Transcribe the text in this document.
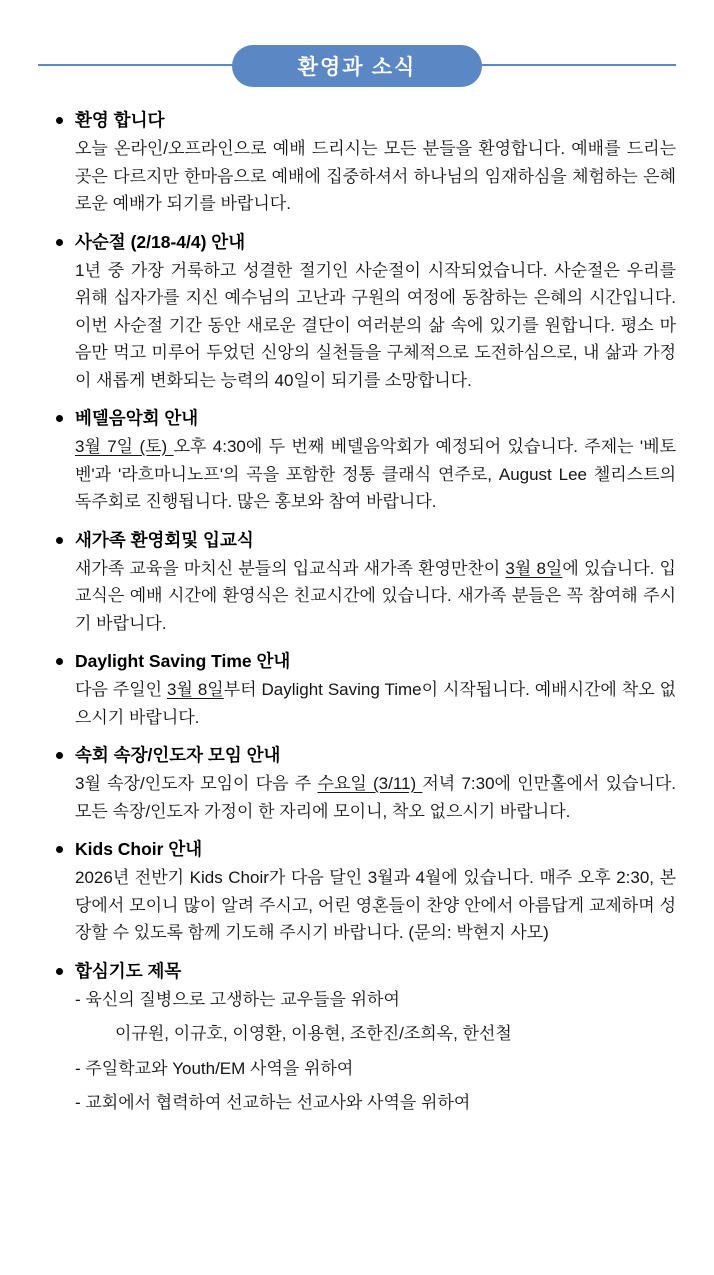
환영과 소식
환영 합니다
오늘 온라인/오프라인으로 예배 드리시는 모든 분들을 환영합니다. 예배를 드리는 곳은 다르지만 한마음으로 예배에 집중하셔서 하나님의 임재하심을 체험하는 은혜로운 예배가 되기를 바랍니다.
사순절 (2/18-4/4) 안내
1년 중 가장 거룩하고 성결한 절기인 사순절이 시작되었습니다. 사순절은 우리를 위해 십자가를 지신 예수님의 고난과 구원의 여정에 동참하는 은혜의 시간입니다. 이번 사순절 기간 동안 새로운 결단이 여러분의 삶 속에 있기를 원합니다. 평소 마음만 먹고 미루어 두었던 신앙의 실천들을 구체적으로 도전하심으로, 내 삶과 가정이 새롭게 변화되는 능력의 40일이 되기를 소망합니다.
베델음악회 안내
3월 7일 (토) 오후 4:30에 두 번째 베델음악회가 예정되어 있습니다. 주제는 '베토벤'과 '라흐마니노프'의 곡을 포함한 정통 클래식 연주로, August Lee 첼리스트의 독주회로 진행됩니다. 많은 홍보와 참여 바랍니다.
새가족 환영회및 입교식
새가족 교육을 마치신 분들의 입교식과 새가족 환영만찬이 3월 8일에 있습니다. 입교식은 예배 시간에 환영식은 친교시간에 있습니다. 새가족 분들은 꼭 참여해 주시기 바랍니다.
Daylight Saving Time 안내
다음 주일인 3월 8일부터 Daylight Saving Time이 시작됩니다. 예배시간에 착오 없으시기 바랍니다.
속회 속장/인도자 모임 안내
3월 속장/인도자 모임이 다음 주 수요일 (3/11) 저녁 7:30에 인만홀에서 있습니다. 모든 속장/인도자 가정이 한 자리에 모이니, 착오 없으시기 바랍니다.
Kids Choir 안내
2026년 전반기 Kids Choir가 다음 달인 3월과 4월에 있습니다. 매주 오후 2:30, 본당에서 모이니 많이 알려 주시고, 어린 영혼들이 찬양 안에서 아름답게 교제하며 성장할 수 있도록 함께 기도해 주시기 바랍니다. (문의: 박현지 사모)
합심기도 제목
- 육신의 질병으로 고생하는 교우들을 위하여
이규원, 이규호, 이영환, 이용현, 조한진/조희옥, 한선철
- 주일학교와 Youth/EM 사역을 위하여
- 교회에서 협력하여 선교하는 선교사와 사역을 위하여
